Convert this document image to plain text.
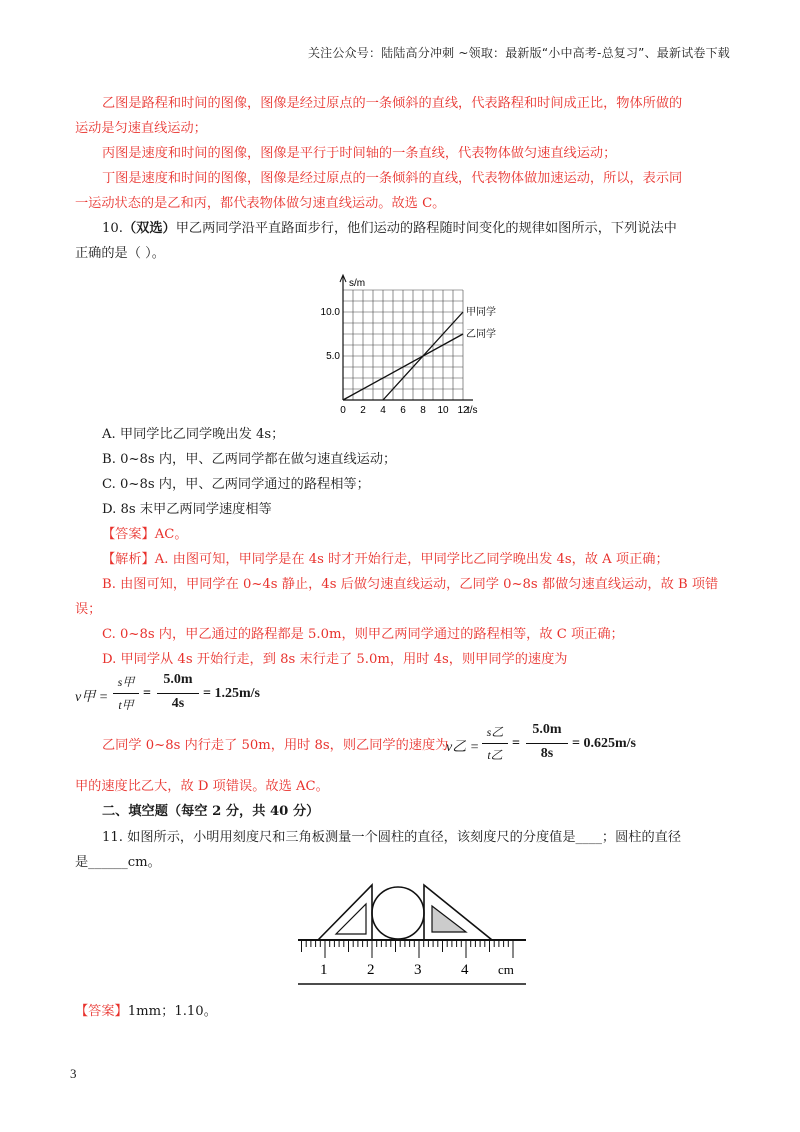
关注公众号：陆陆高分冲刺 ~领取：最新版“小中高考-总复习”、最新试卷下载
乙图是路程和时间的图像，图像是经过原点的一条倾斜的直线，代表路程和时间成正比，物体所做的
运动是匀速直线运动；
丙图是速度和时间的图像，图像是平行于时间轴的一条直线，代表物体做匀速直线运动；
丁图是速度和时间的图像，图像是经过原点的一条倾斜的直线，代表物体做加速运动，所以，表示同
一运动状态的是乙和丙，都代表物体做匀速直线运动。故选 C。
10.（双选）甲乙两同学沿平直路面步行，他们运动的路程随时间变化的规律如图所示，下列说法中
正确的是（ ）。
s/m
t/s
0 2 4 6 8 10 12
5.0
10.0	甲同学
乙同学
A. 甲同学比乙同学晚出发 4s；
B. 0~8s 内，甲、乙两同学都在做匀速直线运动；
C. 0~8s 内，甲、乙两同学通过的路程相等；
D. 8s 末甲乙两同学速度相等
【答案】AC。
【解析】A. 由图可知，甲同学是在 4s 时才开始行走，甲同学比乙同学晚出发 4s，故 A 项正确；
B. 由图可知，甲同学在 0~4s 静止，4s 后做匀速直线运动，乙同学 0~8s 都做匀速直线运动，故 B 项错
误；
C. 0~8s 内，甲乙通过的路程都是 5.0m，则甲乙两同学通过的路程相等，故 C 项正确；
D. 甲同学从 4s 开始行走，到 8s 末行走了 5.0m，用时 4s，则甲同学的速度为
v甲 =
s甲
t甲
=
5.0m
4s
= 1.25m/s
乙同学 0~8s 内行走了 50m，用时 8s，则乙同学的速度为
v乙 =
s乙
t乙
=
5.0m
8s
= 0.625m/s
甲的速度比乙大，故 D 项错误。故选 AC。
二、填空题（每空 2 分，共 40 分）
11. 如图所示，小明用刻度尺和三角板测量一个圆柱的直径，该刻度尺的分度值是____；圆柱的直径
是______cm。
1	2	3	4 cm
【答案】1mm；1.10。
3
